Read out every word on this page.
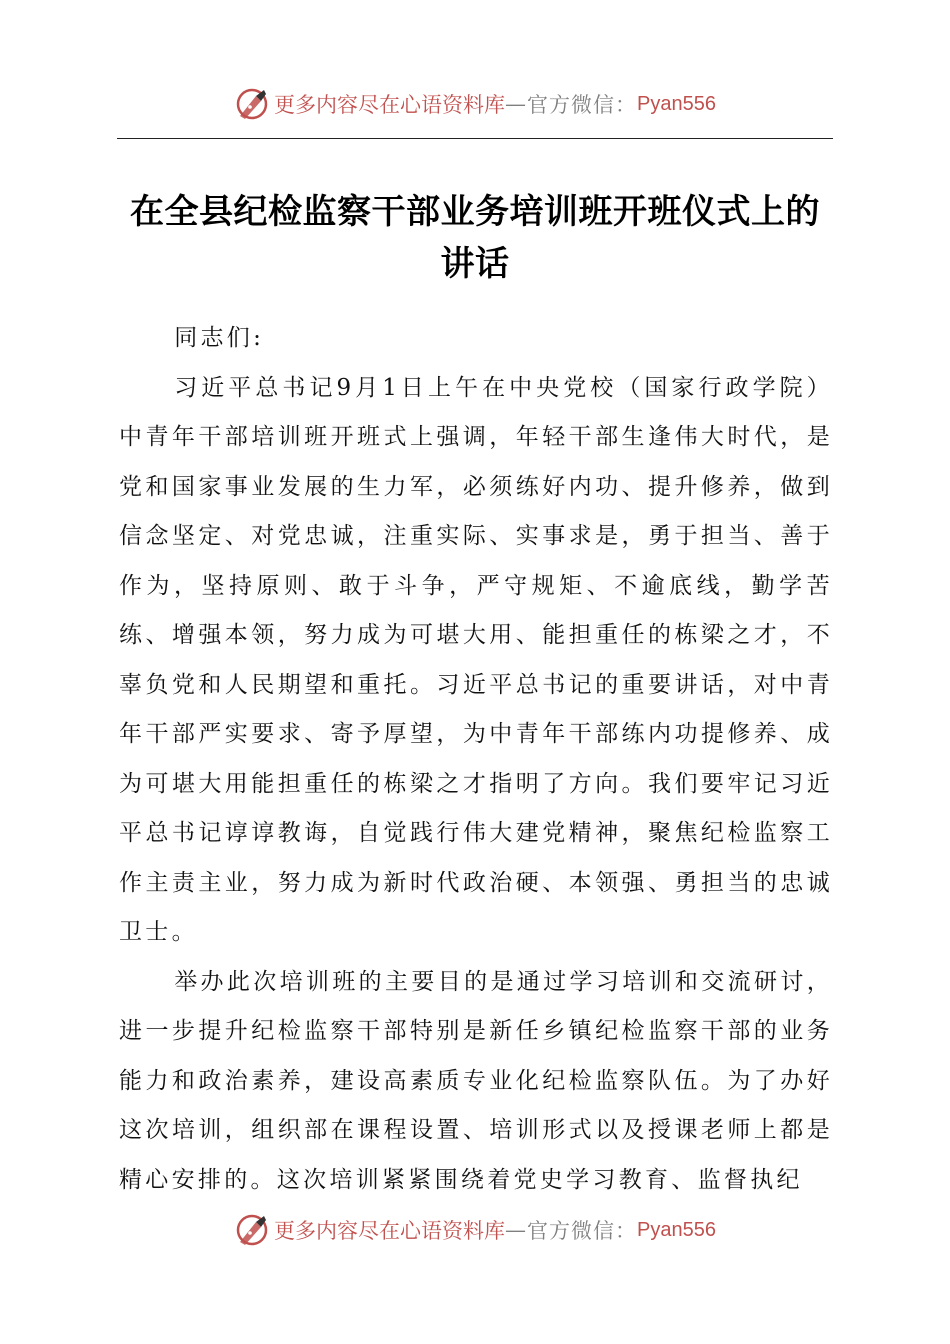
更多内容尽在心语资料库 — 官方微信： Pyan556
在全县纪检监察干部业务培训班开班仪式上的
讲话
同志们:

习近平总书记9月1日上午在中央党校（国家行政学院）中青年干部培训班开班式上强调，年轻干部生逢伟大时代，是党和国家事业发展的生力军，必须练好内功、提升修养，做到信念坚定、对党忠诚，注重实际、实事求是，勇于担当、善于作为，坚持原则、敢于斗争，严守规矩、不逾底线，勤学苦练、增强本领，努力成为可堪大用、能担重任的栋梁之才，不辜负党和人民期望和重托。习近平总书记的重要讲话，对中青年干部严实要求、寄予厚望，为中青年干部练内功提修养、成为可堪大用能担重任的栋梁之才指明了方向。我们要牢记习近平总书记谆谆教诲，自觉践行伟大建党精神，聚焦纪检监察工作主责主业，努力成为新时代政治硬、本领强、勇担当的忠诚卫士。

举办此次培训班的主要目的是通过学习培训和交流研讨，进一步提升纪检监察干部特别是新任乡镇纪检监察干部的业务能力和政治素养，建设高素质专业化纪检监察队伍。为了办好这次培训，组织部在课程设置、培训形式以及授课老师上都是精心安排的。这次培训紧紧围绕着党史学习教育、监督执纪

更多内容尽在心语资料库 — 官方微信： Pyan556
